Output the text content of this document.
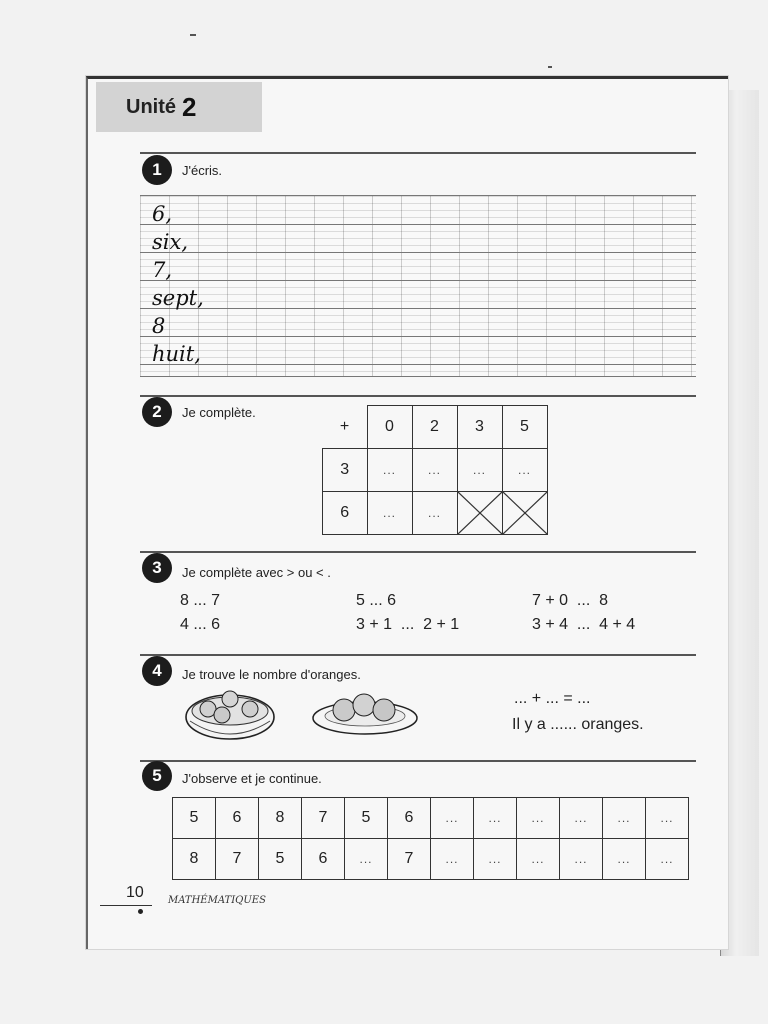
Unité 2
1	J'écris.
6,
six,
7,
sept,
8
huit,
2	Je complète.
+	0	2	3	5
3	...	...	...	...
6	...	...	

3	Je complète avec > ou < .
8 ... 7	5 ... 6	7 + 0  ...  8
4 ... 6	3 + 1  ...  2 + 1	3 + 4  ...  4 + 4
4	Je trouve le nombre d'oranges.
... + ... = ...
Il y a ...... oranges.
5	J'observe et je continue.
5	6	8	7	5	6	...	...	...	...	...	...
8	7	5	6	...	7	...	...	...	...	...	...
10 MATHÉMATIQUES
